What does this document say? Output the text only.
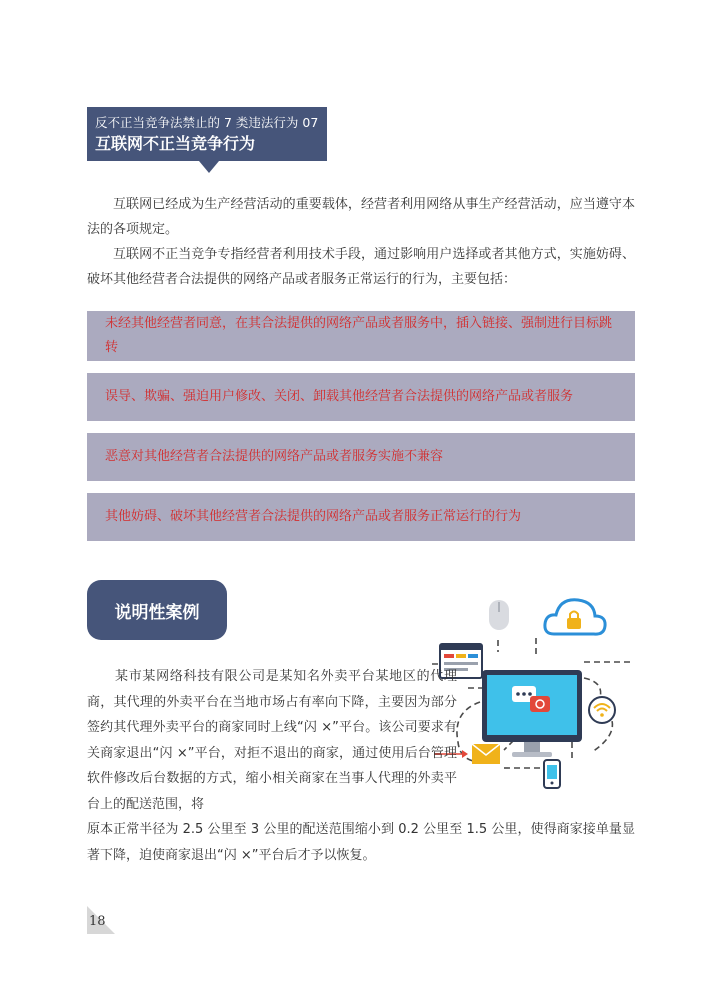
反不正当竞争法禁止的 7 类违法行为 07
互联网不正当竞争行为

互联网已经成为生产经营活动的重要载体，经营者利用网络从事生产经营活动，应当遵守本法的各项规定。

互联网不正当竞争专指经营者利用技术手段，通过影响用户选择或者其他方式，实施妨碍、破坏其他经营者合法提供的网络产品或者服务正常运行的行为，主要包括：

未经其他经营者同意，在其合法提供的网络产品或者服务中，插入链接、强制进行目标跳转
误导、欺骗、强迫用户修改、关闭、卸载其他经营者合法提供的网络产品或者服务
恶意对其他经营者合法提供的网络产品或者服务实施不兼容
其他妨碍、破坏其他经营者合法提供的网络产品或者服务正常运行的行为
说明性案例

某市某网络科技有限公司是某知名外卖平台某地区的代理商，其代理的外卖平台在当地市场占有率向下降，主要因为部分签约其代理外卖平台的商家同时上线“闪 ×”平台。该公司要求有关商家退出“闪 ×”平台，对拒不退出的商家，通过使用后台管理软件修改后台数据的方式，缩小相关商家在当事人代理的外卖平台上的配送范围，将

原本正常半径为 2.5 公里至 3 公里的配送范围缩小到 0.2 公里至 1.5 公里，使得商家接单量显著下降，迫使商家退出“闪 ×”平台后才予以恢复。

18
